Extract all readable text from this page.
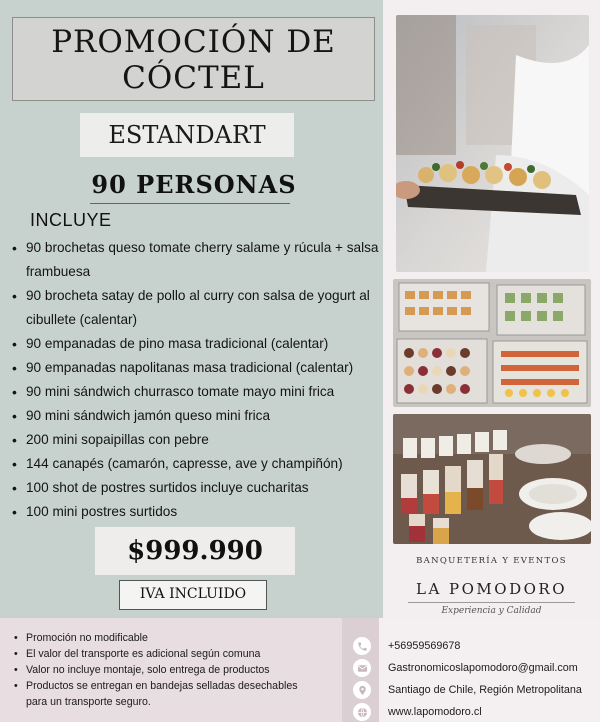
PROMOCIÓN DE
CÓCTEL
ESTANDART
90 PERSONAS
INCLUYE
• 90 brochetas queso tomate cherry salame y rúcula + salsa frambuesa
• 90 brocheta satay de pollo al curry con salsa de yogurt al cibullete (calentar)
• 90 empanadas de pino masa tradicional (calentar)
• 90 empanadas napolitanas masa tradicional (calentar)
• 90 mini sándwich churrasco tomate mayo mini frica
• 90 mini sándwich jamón queso mini frica
• 200 mini sopaipillas con pebre
• 144 canapés (camarón, capresse, ave y champiñón)
• 100 shot de postres surtidos incluye cucharitas
• 100 mini postres surtidos
$999.990
IVA INCLUIDO
BANQUETERÍA Y EVENTOS
LA POMODORO
Experiencia y Calidad
• Promoción no modificable
• El valor del transporte es adicional según comuna
• Valor no incluye montaje, solo entrega de productos
• Productos se entregan en bandejas selladas desechables para un transporte seguro.
+56959569678
Gastronomicoslapomodoro@gmail.com
Santiago de Chile, Región Metropolitana
www.lapomodoro.cl
